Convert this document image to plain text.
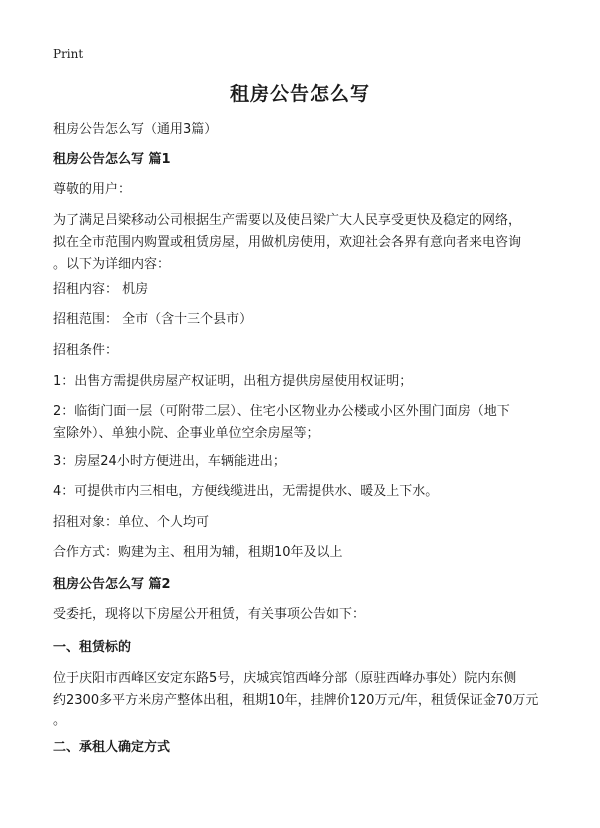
Print
租房公告怎么写
租房公告怎么写（通用3篇）
租房公告怎么写 篇1
尊敬的用户：
为了满足吕梁移动公司根据生产需要以及使吕梁广大人民享受更快及稳定的网络，
拟在全市范围内购置或租赁房屋，用做机房使用，欢迎社会各界有意向者来电咨询
。以下为详细内容：
招租内容： 机房
招租范围： 全市（含十三个县市）
招租条件：
1：出售方需提供房屋产权证明，出租方提供房屋使用权证明；
2：临街门面一层（可附带二层）、住宅小区物业办公楼或小区外围门面房（地下
室除外）、单独小院、企事业单位空余房屋等；
3：房屋24小时方便进出，车辆能进出；
4：可提供市内三相电，方便线缆进出，无需提供水、暖及上下水。
招租对象：单位、个人均可
合作方式：购建为主、租用为辅，租期10年及以上
租房公告怎么写 篇2
受委托，现将以下房屋公开租赁，有关事项公告如下：
一、租赁标的
位于庆阳市西峰区安定东路5号，庆城宾馆西峰分部（原驻西峰办事处）院内东侧
约2300多平方米房产整体出租，租期10年，挂牌价120万元/年，租赁保证金70万元
。
二、承租人确定方式
